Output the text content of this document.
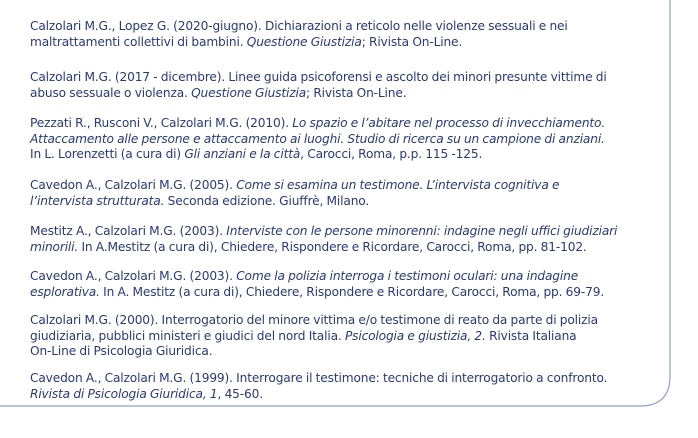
Calzolari M.G., Lopez G. (2020-giugno). Dichiarazioni a reticolo nelle violenze sessuali e nei
maltrattamenti collettivi di bambini. Questione Giustizia; Rivista On-Line.
Calzolari M.G. (2017 - dicembre). Linee guida psicoforensi e ascolto dei minori presunte vittime di
abuso sessuale o violenza. Questione Giustizia; Rivista On-Line.
Pezzati R., Rusconi V., Calzolari M.G. (2010). Lo spazio e l’abitare nel processo di invecchiamento.
Attaccamento alle persone e attaccamento ai luoghi. Studio di ricerca su un campione di anziani.
In L. Lorenzetti (a cura di) Gli anziani e la città, Carocci, Roma, p.p. 115 -125.
Cavedon A., Calzolari M.G. (2005). Come si esamina un testimone. L’intervista cognitiva e
l’intervista strutturata. Seconda edizione. Giuffrè, Milano.
Mestitz A., Calzolari M.G. (2003). Interviste con le persone minorenni: indagine negli uffici giudiziari
minorili. In A.Mestitz (a cura di), Chiedere, Rispondere e Ricordare, Carocci, Roma, pp. 81-102.
Cavedon A., Calzolari M.G. (2003). Come la polizia interroga i testimoni oculari: una indagine
esplorativa. In A. Mestitz (a cura di), Chiedere, Rispondere e Ricordare, Carocci, Roma, pp. 69-79.
Calzolari M.G. (2000). Interrogatorio del minore vittima e/o testimone di reato da parte di polizia
giudiziaria, pubblici ministeri e giudici del nord Italia. Psicologia e giustizia, 2. Rivista Italiana
On-Line di Psicologia Giuridica.
Cavedon A., Calzolari M.G. (1999). Interrogare il testimone: tecniche di interrogatorio a confronto.
Rivista di Psicologia Giuridica, 1, 45-60.
